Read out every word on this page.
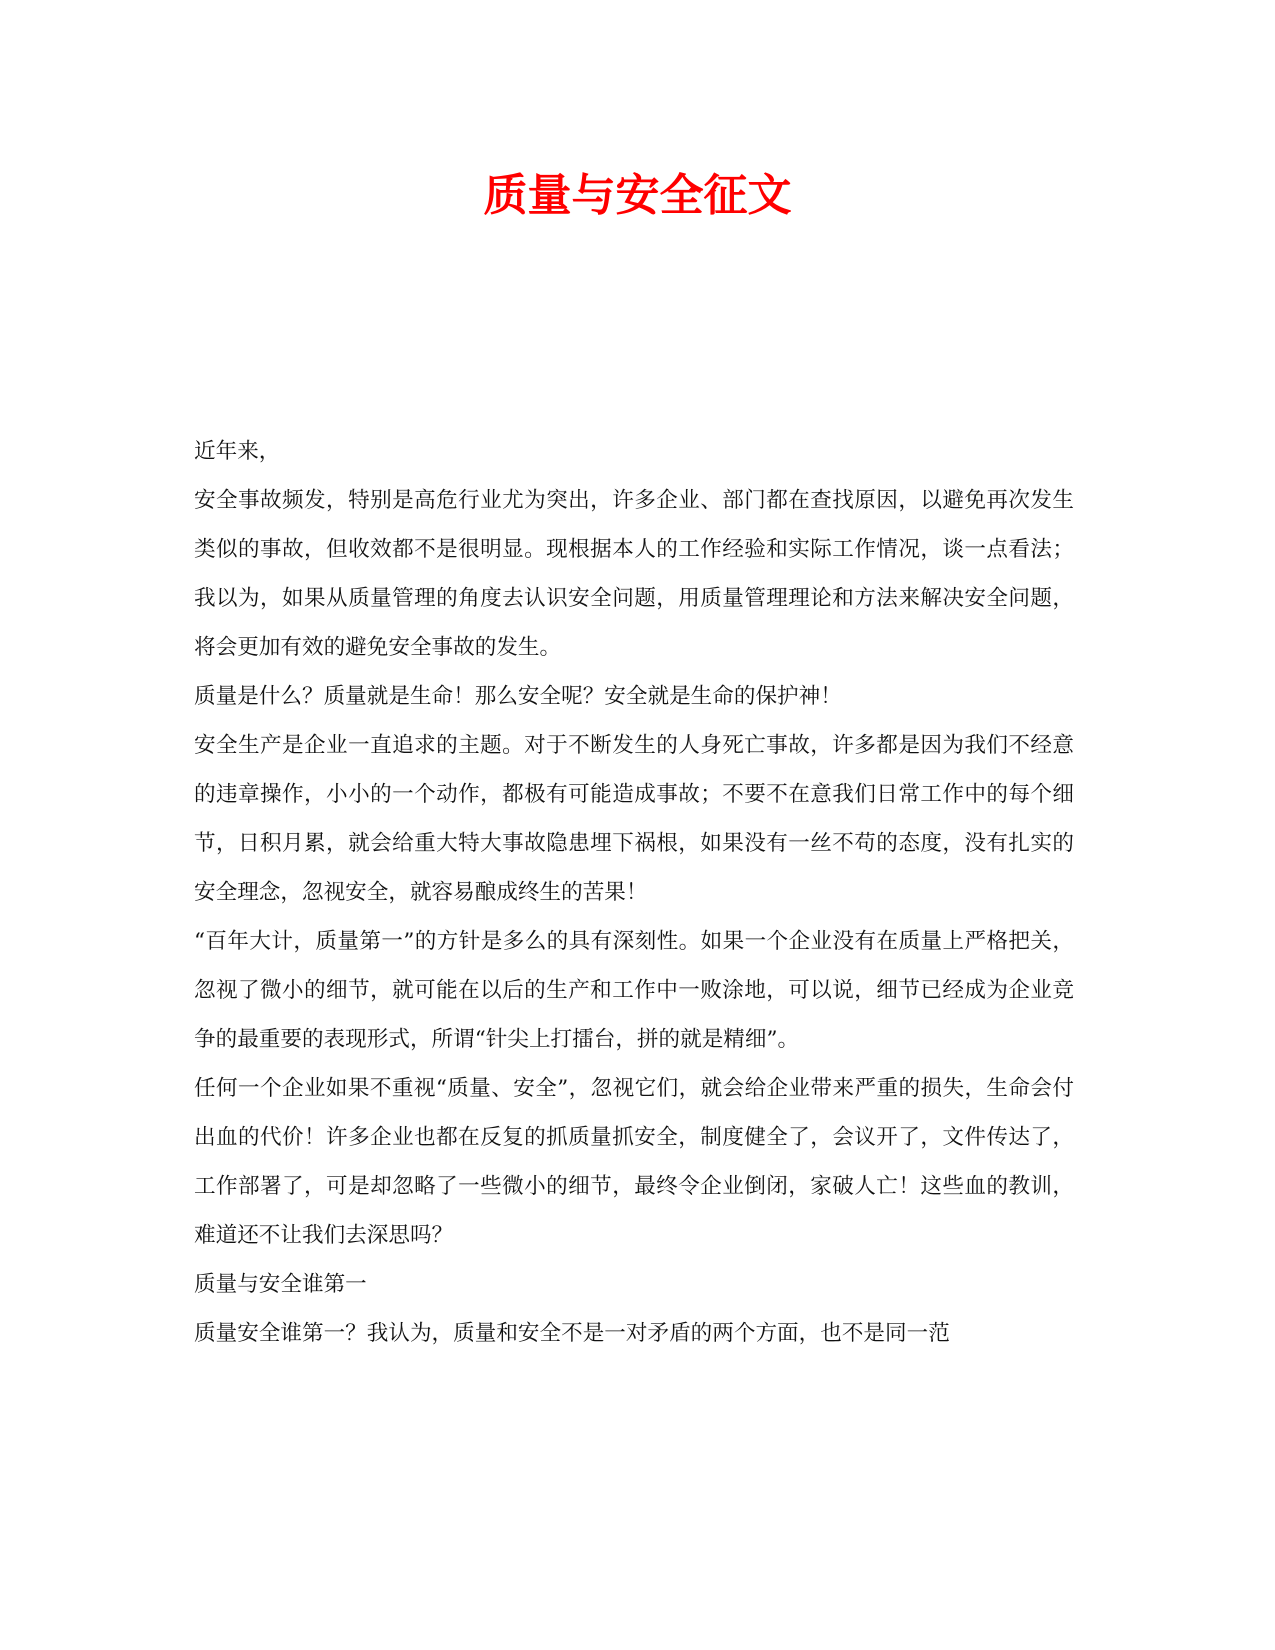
质量与安全征文

近年来，

安全事故频发，特别是高危行业尤为突出，许多企业、部门都在查找原因，以避免再次发生类似的事故，但收效都不是很明显。现根据本人的工作经验和实际工作情况，谈一点看法；我以为，如果从质量管理的角度去认识安全问题，用质量管理理论和方法来解决安全问题，将会更加有效的避免安全事故的发生。

质量是什么？质量就是生命！那么安全呢？安全就是生命的保护神！

安全生产是企业一直追求的主题。对于不断发生的人身死亡事故，许多都是因为我们不经意的违章操作，小小的一个动作，都极有可能造成事故；不要不在意我们日常工作中的每个细节，日积月累，就会给重大特大事故隐患埋下祸根，如果没有一丝不苟的态度，没有扎实的安全理念，忽视安全，就容易酿成终生的苦果！

“百年大计，质量第一”的方针是多么的具有深刻性。如果一个企业没有在质量上严格把关，忽视了微小的细节，就可能在以后的生产和工作中一败涂地，可以说，细节已经成为企业竞争的最重要的表现形式，所谓“针尖上打擂台，拼的就是精细”。

任何一个企业如果不重视“质量、安全”，忽视它们，就会给企业带来严重的损失，生命会付出血的代价！许多企业也都在反复的抓质量抓安全，制度健全了，会议开了，文件传达了，工作部署了，可是却忽略了一些微小的细节，最终令企业倒闭，家破人亡！这些血的教训，难道还不让我们去深思吗？

质量与安全谁第一

质量安全谁第一？我认为，质量和安全不是一对矛盾的两个方面，也不是同一范
